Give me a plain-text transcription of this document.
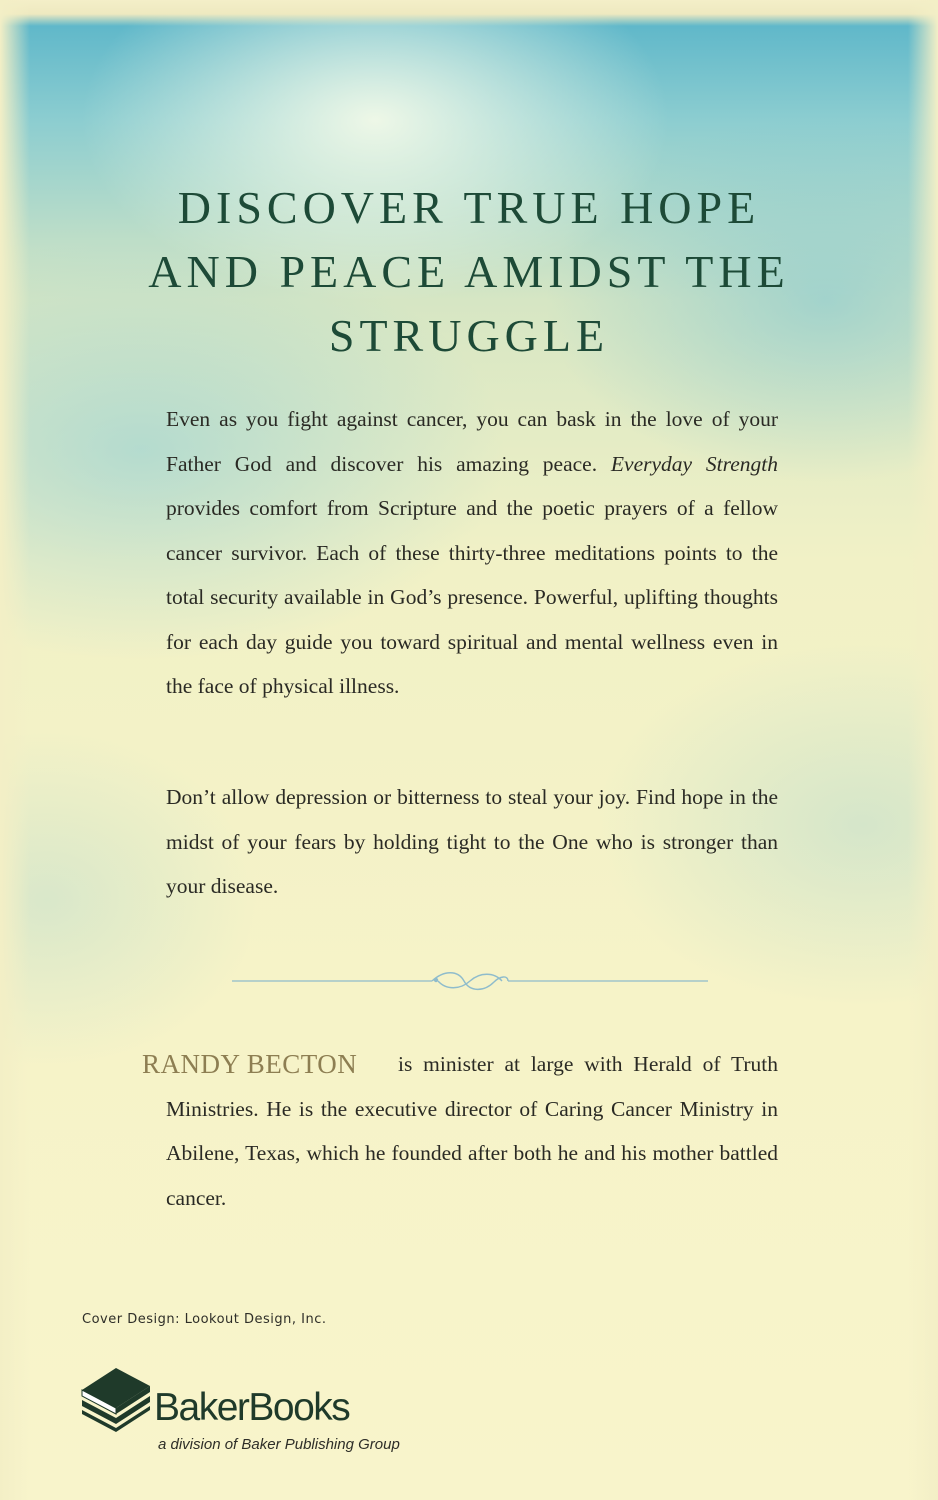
DISCOVER TRUE HOPE
AND PEACE AMIDST THE
STRUGGLE

Even as you fight against cancer, you can bask in the love of your Father God and discover his amazing peace. Everyday Strength provides comfort from Scripture and the poetic prayers of a fellow cancer survivor. Each of these thirty-three meditations points to the total security available in God’s presence. Powerful, uplifting thoughts for each day guide you toward spiritual and mental wellness even in the face of physical illness.

Don’t allow depression or bitterness to steal your joy. Find hope in the midst of your fears by holding tight to the One who is stronger than your disease.

RANDY BECTON	is minister at large with Herald of Truth Ministries. He is the executive director of Caring Cancer Ministry in Abilene, Texas, which he founded after both he and his mother battled cancer.

Cover Design: Lookout Design, Inc.
BakerBooks
a division of Baker Publishing Group
